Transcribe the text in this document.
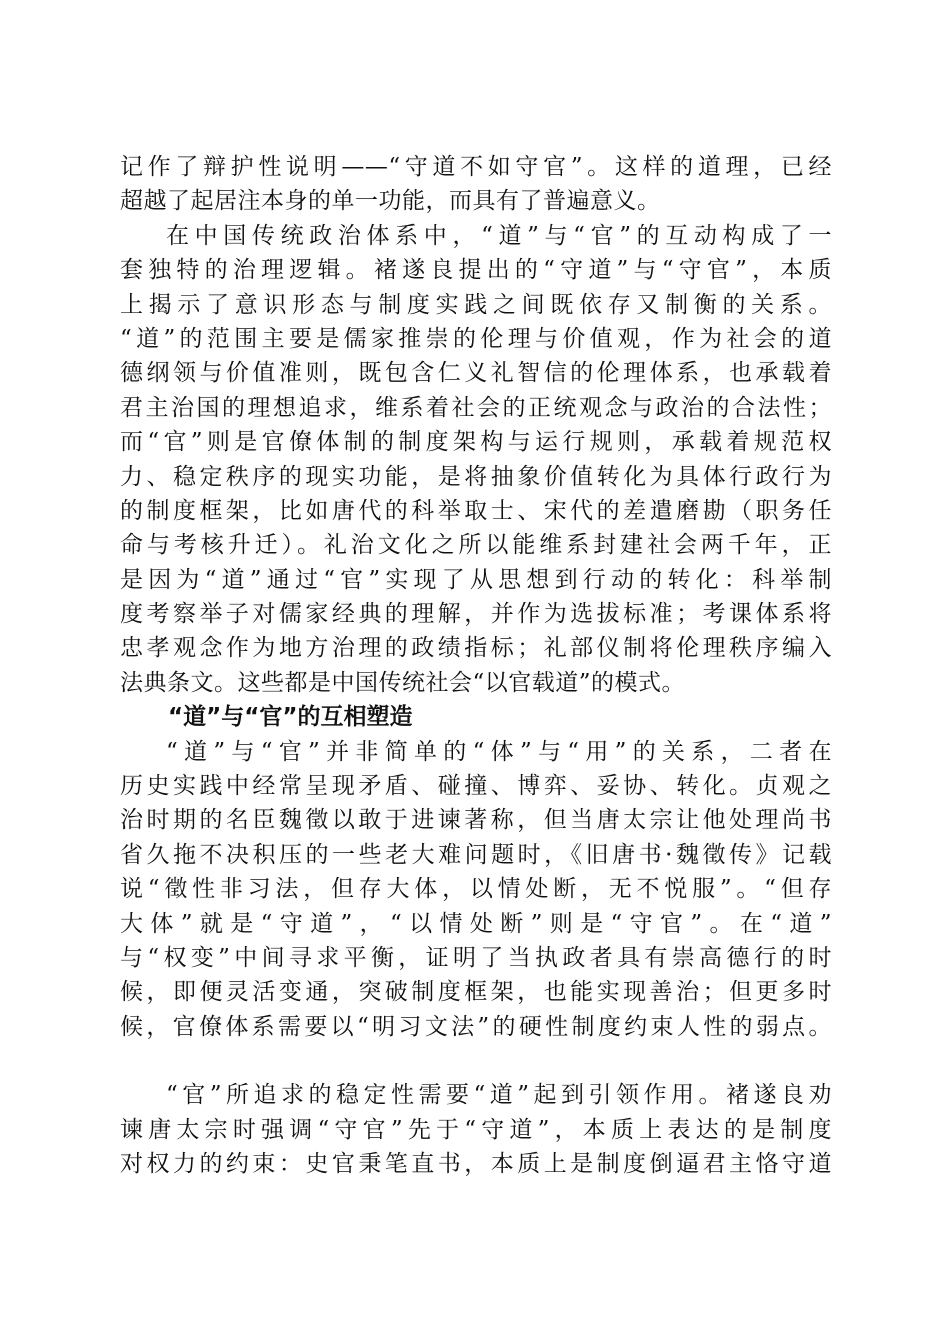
记作了辩护性说明——“守道不如守官”。这样的道理，已经
超越了起居注本身的单一功能，而具有了普遍意义。
在中国传统政治体系中，“道”与“官”的互动构成了一
套独特的治理逻辑。褚遂良提出的“守道”与“守官”，本质
上揭示了意识形态与制度实践之间既依存又制衡的关系。
“道”的范围主要是儒家推崇的伦理与价值观，作为社会的道
德纲领与价值准则，既包含仁义礼智信的伦理体系，也承载着
君主治国的理想追求，维系着社会的正统观念与政治的合法性；
而“官”则是官僚体制的制度架构与运行规则，承载着规范权
力、稳定秩序的现实功能，是将抽象价值转化为具体行政行为
的制度框架，比如唐代的科举取士、宋代的差遣磨勘（职务任
命与考核升迁）。礼治文化之所以能维系封建社会两千年，正
是因为“道”通过“官”实现了从思想到行动的转化：科举制
度考察举子对儒家经典的理解，并作为选拔标准；考课体系将
忠孝观念作为地方治理的政绩指标；礼部仪制将伦理秩序编入
法典条文。这些都是中国传统社会“以官载道”的模式。
“道”与“官”的互相塑造
“道”与“官”并非简单的“体”与“用”的关系，二者在
历史实践中经常呈现矛盾、碰撞、博弈、妥协、转化。贞观之
治时期的名臣魏徵以敢于进谏著称，但当唐太宗让他处理尚书
省久拖不决积压的一些老大难问题时，《旧唐书·魏徵传》记载
说“徵性非习法，但存大体，以情处断，无不悦服”。“但存
大体”就是“守道”，“以情处断”则是“守官”。在“道”
与“权变”中间寻求平衡，证明了当执政者具有崇高德行的时
候，即便灵活变通，突破制度框架，也能实现善治；但更多时
候，官僚体系需要以“明习文法”的硬性制度约束人性的弱点。
“官”所追求的稳定性需要“道”起到引领作用。褚遂良劝
谏唐太宗时强调“守官”先于“守道”，本质上表达的是制度
对权力的约束：史官秉笔直书，本质上是制度倒逼君主恪守道
